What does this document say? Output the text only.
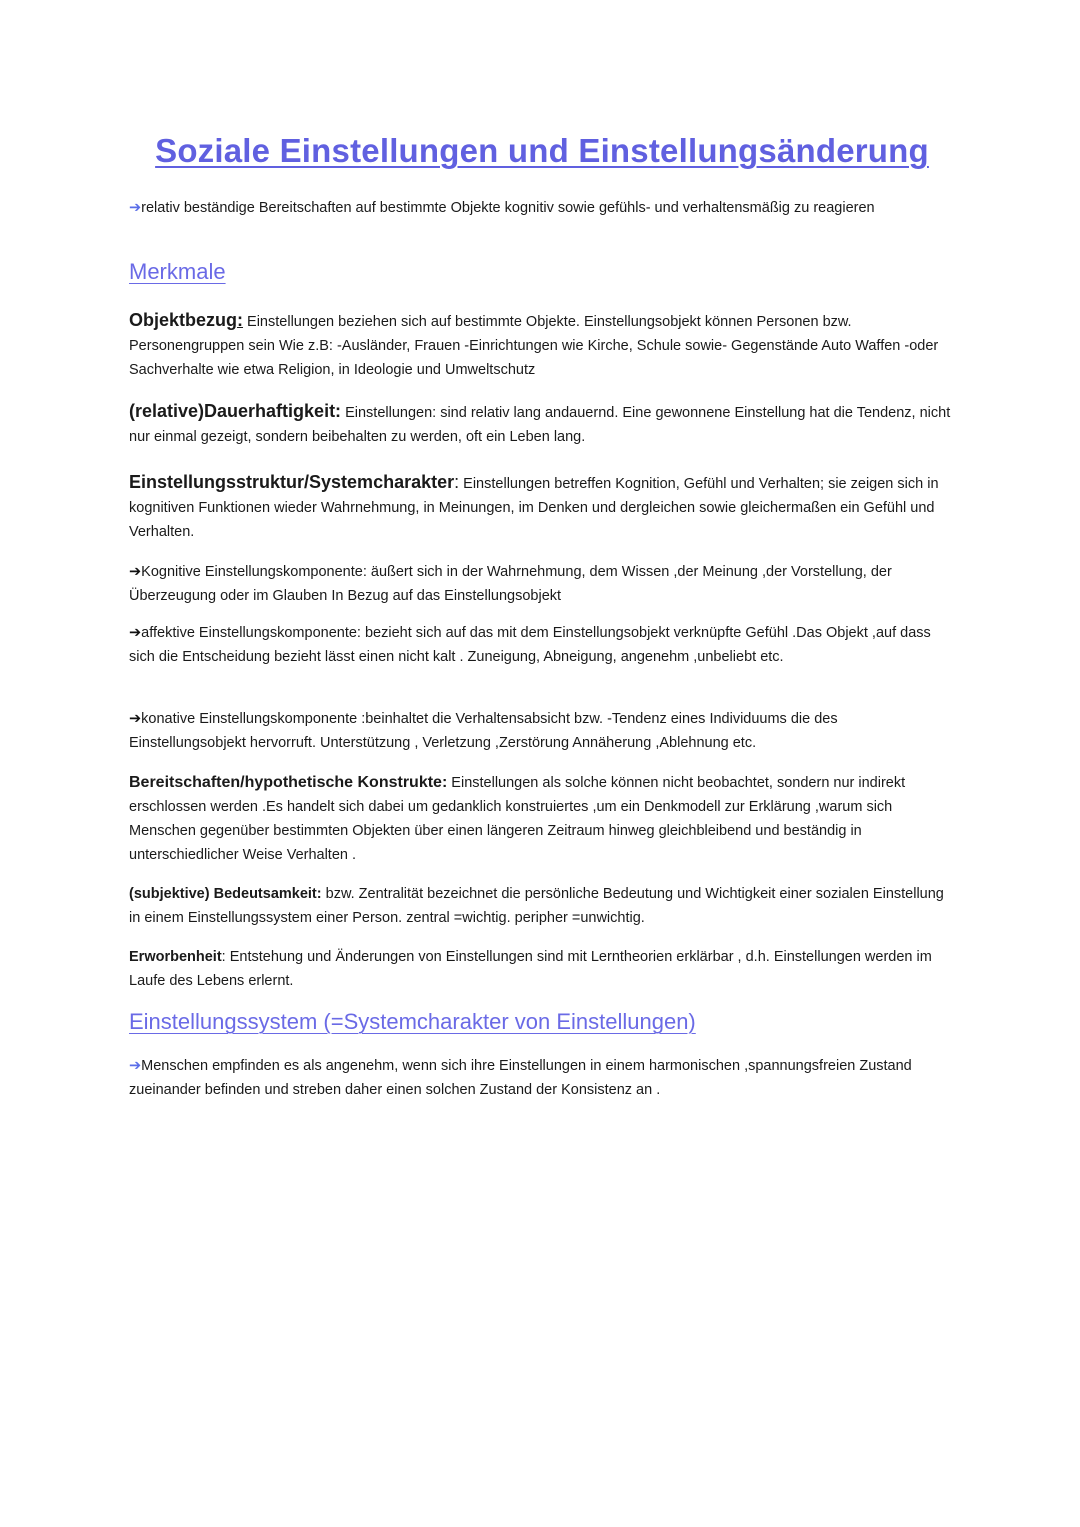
Soziale Einstellungen und Einstellungsänderung

➔relativ beständige Bereitschaften auf bestimmte Objekte kognitiv sowie gefühls- und verhaltensmäßig zu reagieren

Merkmale

Objektbezug: Einstellungen beziehen sich auf bestimmte Objekte. Einstellungsobjekt können Personen bzw. Personengruppen sein Wie z.B: -Ausländer, Frauen -Einrichtungen wie Kirche, Schule sowie- Gegenstände Auto Waffen -oder Sachverhalte wie etwa Religion, in Ideologie und Umweltschutz

(relative)Dauerhaftigkeit: Einstellungen: sind relativ lang andauernd. Eine gewonnene Einstellung hat die Tendenz, nicht nur einmal gezeigt, sondern beibehalten zu werden, oft ein Leben lang.

Einstellungsstruktur/Systemcharakter: Einstellungen betreffen Kognition, Gefühl und Verhalten; sie zeigen sich in kognitiven Funktionen wieder Wahrnehmung, in Meinungen, im Denken und dergleichen sowie gleichermaßen ein Gefühl und Verhalten.

➔Kognitive Einstellungskomponente: äußert sich in der Wahrnehmung, dem Wissen ,der Meinung ,der Vorstellung, der Überzeugung oder im Glauben In Bezug auf das Einstellungsobjekt

➔affektive Einstellungskomponente: bezieht sich auf das mit dem Einstellungsobjekt verknüpfte Gefühl .Das Objekt ,auf dass sich die Entscheidung bezieht lässt einen nicht kalt . Zuneigung, Abneigung, angenehm ,unbeliebt etc.

➔konative Einstellungskomponente :beinhaltet die Verhaltensabsicht bzw. -Tendenz eines Individuums die des Einstellungsobjekt hervorruft. Unterstützung , Verletzung ,Zerstörung Annäherung ,Ablehnung etc.

Bereitschaften/hypothetische Konstrukte: Einstellungen als solche können nicht beobachtet, sondern nur indirekt erschlossen werden .Es handelt sich dabei um gedanklich konstruiertes ,um ein Denkmodell zur Erklärung ,warum sich Menschen gegenüber bestimmten Objekten über einen längeren Zeitraum hinweg gleichbleibend und beständig in unterschiedlicher Weise Verhalten .

(subjektive) Bedeutsamkeit: bzw. Zentralität bezeichnet die persönliche Bedeutung und Wichtigkeit einer sozialen Einstellung in einem Einstellungssystem einer Person. zentral =wichtig. peripher =unwichtig.

Erworbenheit: Entstehung und Änderungen von Einstellungen sind mit Lerntheorien erklärbar , d.h. Einstellungen werden im Laufe des Lebens erlernt.

Einstellungssystem (=Systemcharakter von Einstellungen)

➔Menschen empfinden es als angenehm, wenn sich ihre Einstellungen in einem harmonischen ,spannungsfreien Zustand zueinander befinden und streben daher einen solchen Zustand der Konsistenz an .
